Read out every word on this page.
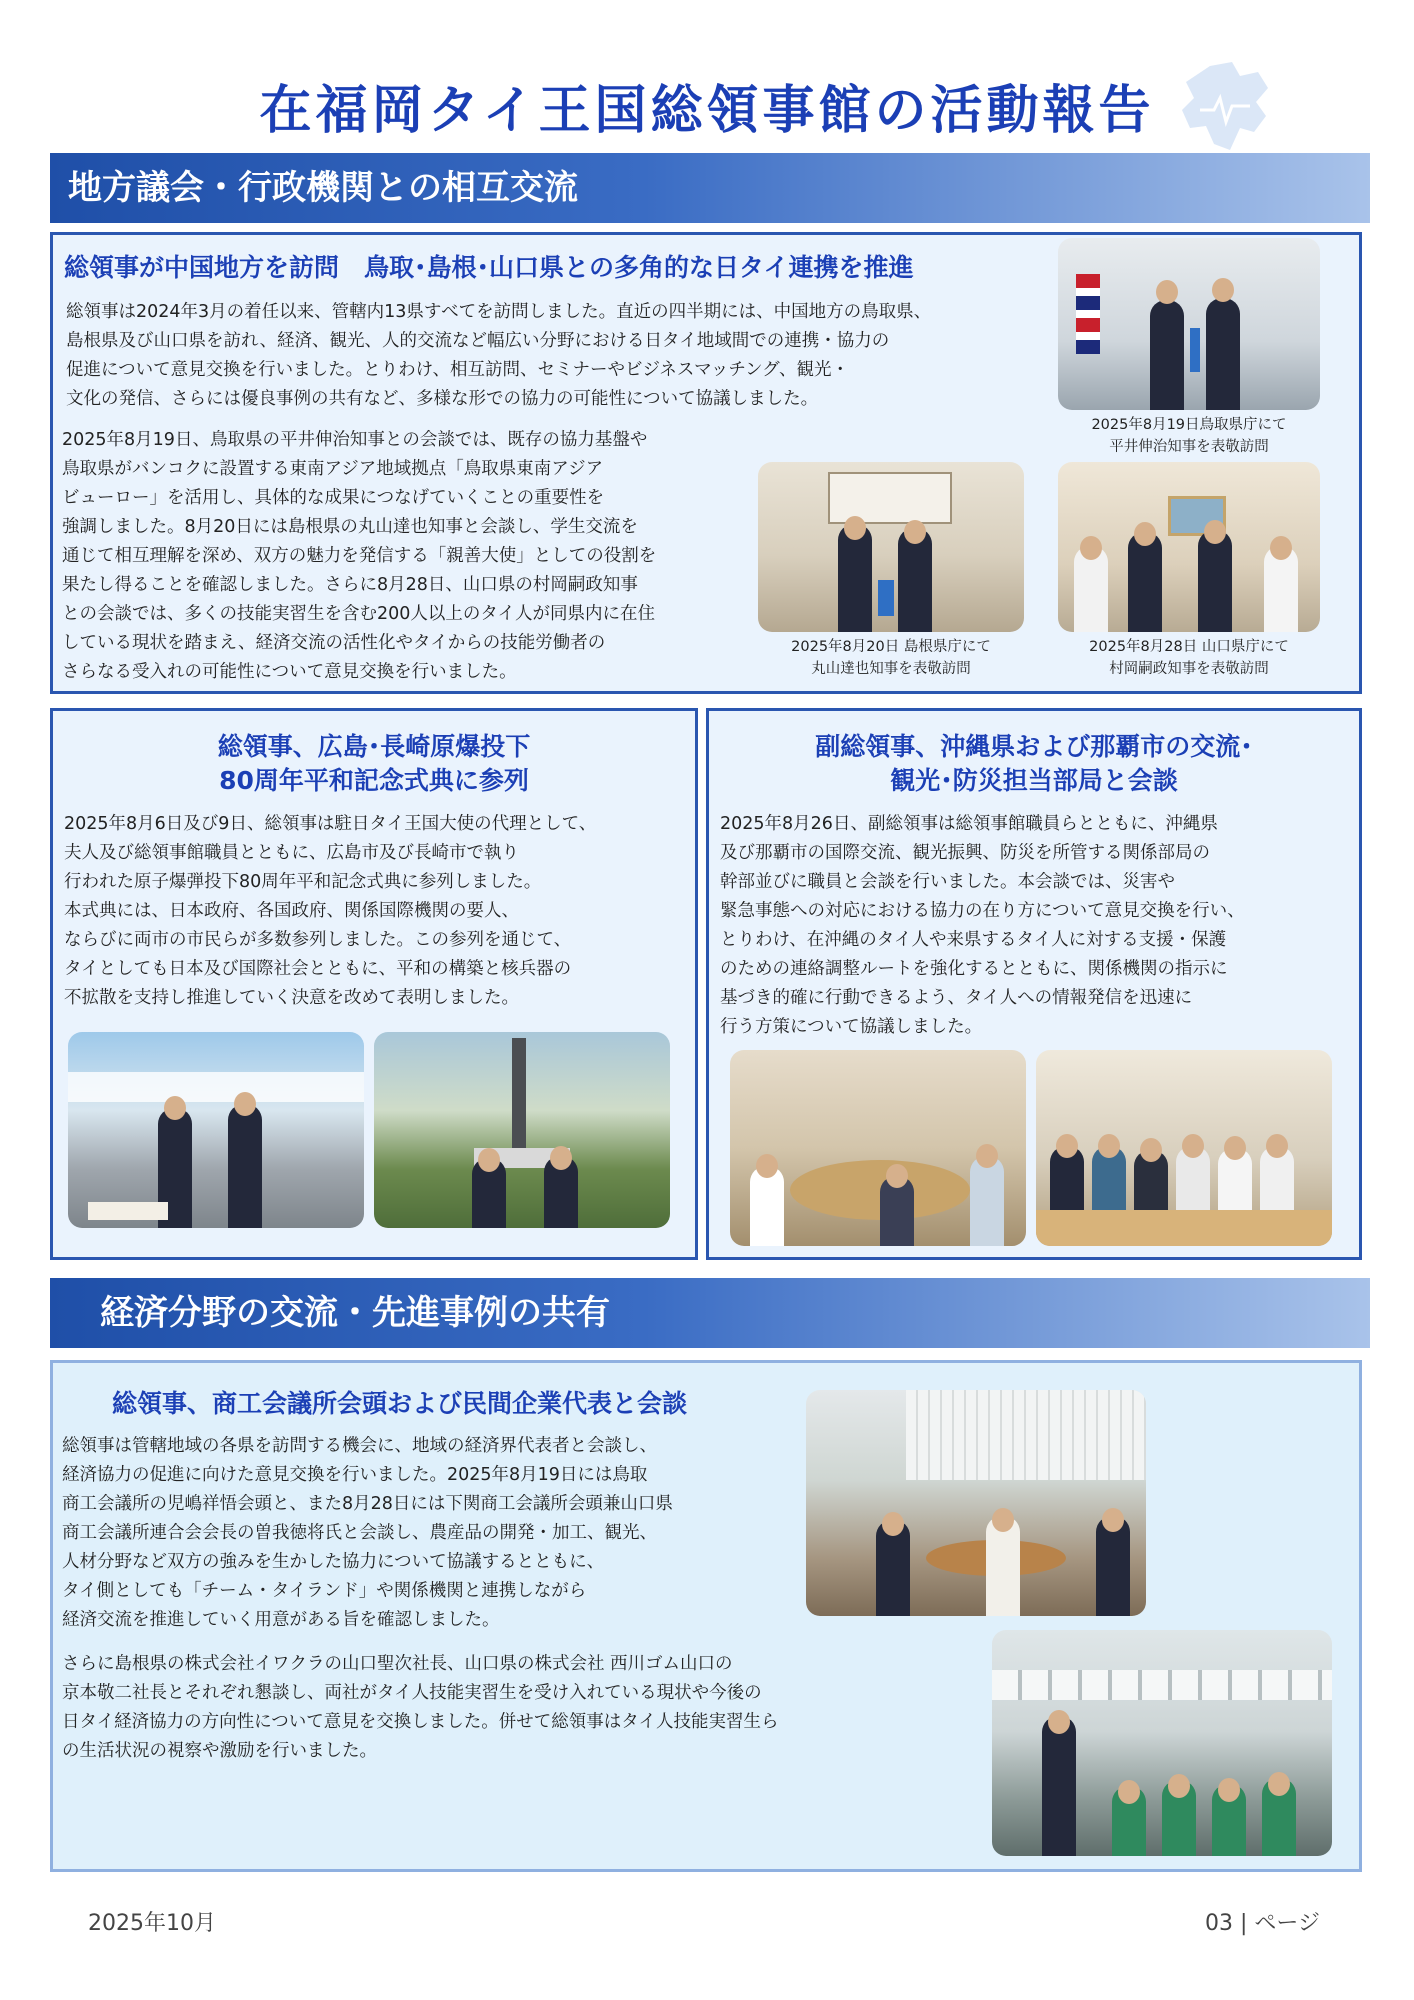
在福岡タイ王国総領事館の活動報告
地方議会・行政機関との相互交流
総領事が中国地方を訪問　鳥取･島根･山口県との多角的な日タイ連携を推進
総領事は2024年3月の着任以来、管轄内13県すべてを訪問しました。直近の四半期には、中国地方の鳥取県、
島根県及び山口県を訪れ、経済、観光、人的交流など幅広い分野における日タイ地域間での連携・協力の
促進について意見交換を行いました。とりわけ、相互訪問、セミナーやビジネスマッチング、観光・
文化の発信、さらには優良事例の共有など、多様な形での協力の可能性について協議しました。
2025年8月19日、鳥取県の平井伸治知事との会談では、既存の協力基盤や
鳥取県がバンコクに設置する東南アジア地域拠点「鳥取県東南アジア
ビューロー」を活用し、具体的な成果につなげていくことの重要性を
強調しました。8月20日には島根県の丸山達也知事と会談し、学生交流を
通じて相互理解を深め、双方の魅力を発信する「親善大使」としての役割を
果たし得ることを確認しました。さらに8月28日、山口県の村岡嗣政知事
との会談では、多くの技能実習生を含む200人以上のタイ人が同県内に在住
している現状を踏まえ、経済交流の活性化やタイからの技能労働者の
さらなる受入れの可能性について意見交換を行いました。
2025年8月19日鳥取県庁にて
平井伸治知事を表敬訪問
2025年8月20日 島根県庁にて
丸山達也知事を表敬訪問
2025年8月28日 山口県庁にて
村岡嗣政知事を表敬訪問
総領事、広島･長崎原爆投下
80周年平和記念式典に参列
2025年8月6日及び9日、総領事は駐日タイ王国大使の代理として、
夫人及び総領事館職員とともに、広島市及び長崎市で執り
行われた原子爆弾投下80周年平和記念式典に参列しました。
本式典には、日本政府、各国政府、関係国際機関の要人、
ならびに両市の市民らが多数参列しました。この参列を通じて、
タイとしても日本及び国際社会とともに、平和の構築と核兵器の
不拡散を支持し推進していく決意を改めて表明しました。
副総領事、沖縄県および那覇市の交流･
観光･防災担当部局と会談
2025年8月26日、副総領事は総領事館職員らとともに、沖縄県
及び那覇市の国際交流、観光振興、防災を所管する関係部局の
幹部並びに職員と会談を行いました。本会談では、災害や
緊急事態への対応における協力の在り方について意見交換を行い、
とりわけ、在沖縄のタイ人や来県するタイ人に対する支援・保護
のための連絡調整ルートを強化するとともに、関係機関の指示に
基づき的確に行動できるよう、タイ人への情報発信を迅速に
行う方策について協議しました。
経済分野の交流・先進事例の共有
総領事、商工会議所会頭および民間企業代表と会談
総領事は管轄地域の各県を訪問する機会に、地域の経済界代表者と会談し、
経済協力の促進に向けた意見交換を行いました。2025年8月19日には鳥取
商工会議所の児嶋祥悟会頭と、また8月28日には下関商工会議所会頭兼山口県
商工会議所連合会会長の曽我徳将氏と会談し、農産品の開発・加工、観光、
人材分野など双方の強みを生かした協力について協議するとともに、
タイ側としても「チーム・タイランド」や関係機関と連携しながら
経済交流を推進していく用意がある旨を確認しました。
さらに島根県の株式会社イワクラの山口聖次社長、山口県の株式会社 西川ゴム山口の
京本敬二社長とそれぞれ懇談し、両社がタイ人技能実習生を受け入れている現状や今後の
日タイ経済協力の方向性について意見を交換しました。併せて総領事はタイ人技能実習生ら
の生活状況の視察や激励を行いました。
2025年10月	03 | ページ
